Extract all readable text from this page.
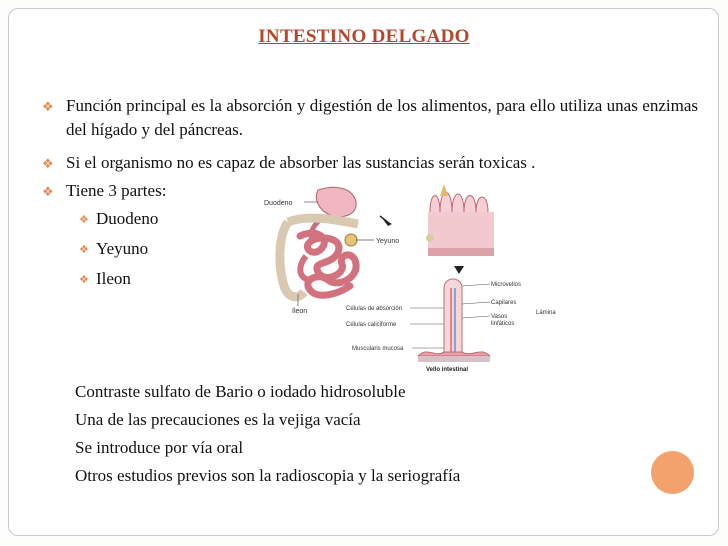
INTESTINO DELGADO
❖ Función principal es la absorción y digestión de los alimentos, para ello utiliza unas enzimas del hígado y del páncreas.
❖ Si el organismo no es capaz de absorber las sustancias serán toxicas .
❖ Tiene 3 partes:
❖ Duodeno
❖ Yeyuno
❖ Ileon
Duodeno
Yeyuno
Ileon
Microvellos
Capilares
Vasos
linfáticos
Lámina
Células de absorción
Células caliciforme
Muscularis mucosa
Vello intestinal
Contraste sulfato de Bario o iodado hidrosoluble
Una de las precauciones es la vejiga vacía
Se introduce por vía oral
Otros estudios previos son la radioscopia y la seriografía
